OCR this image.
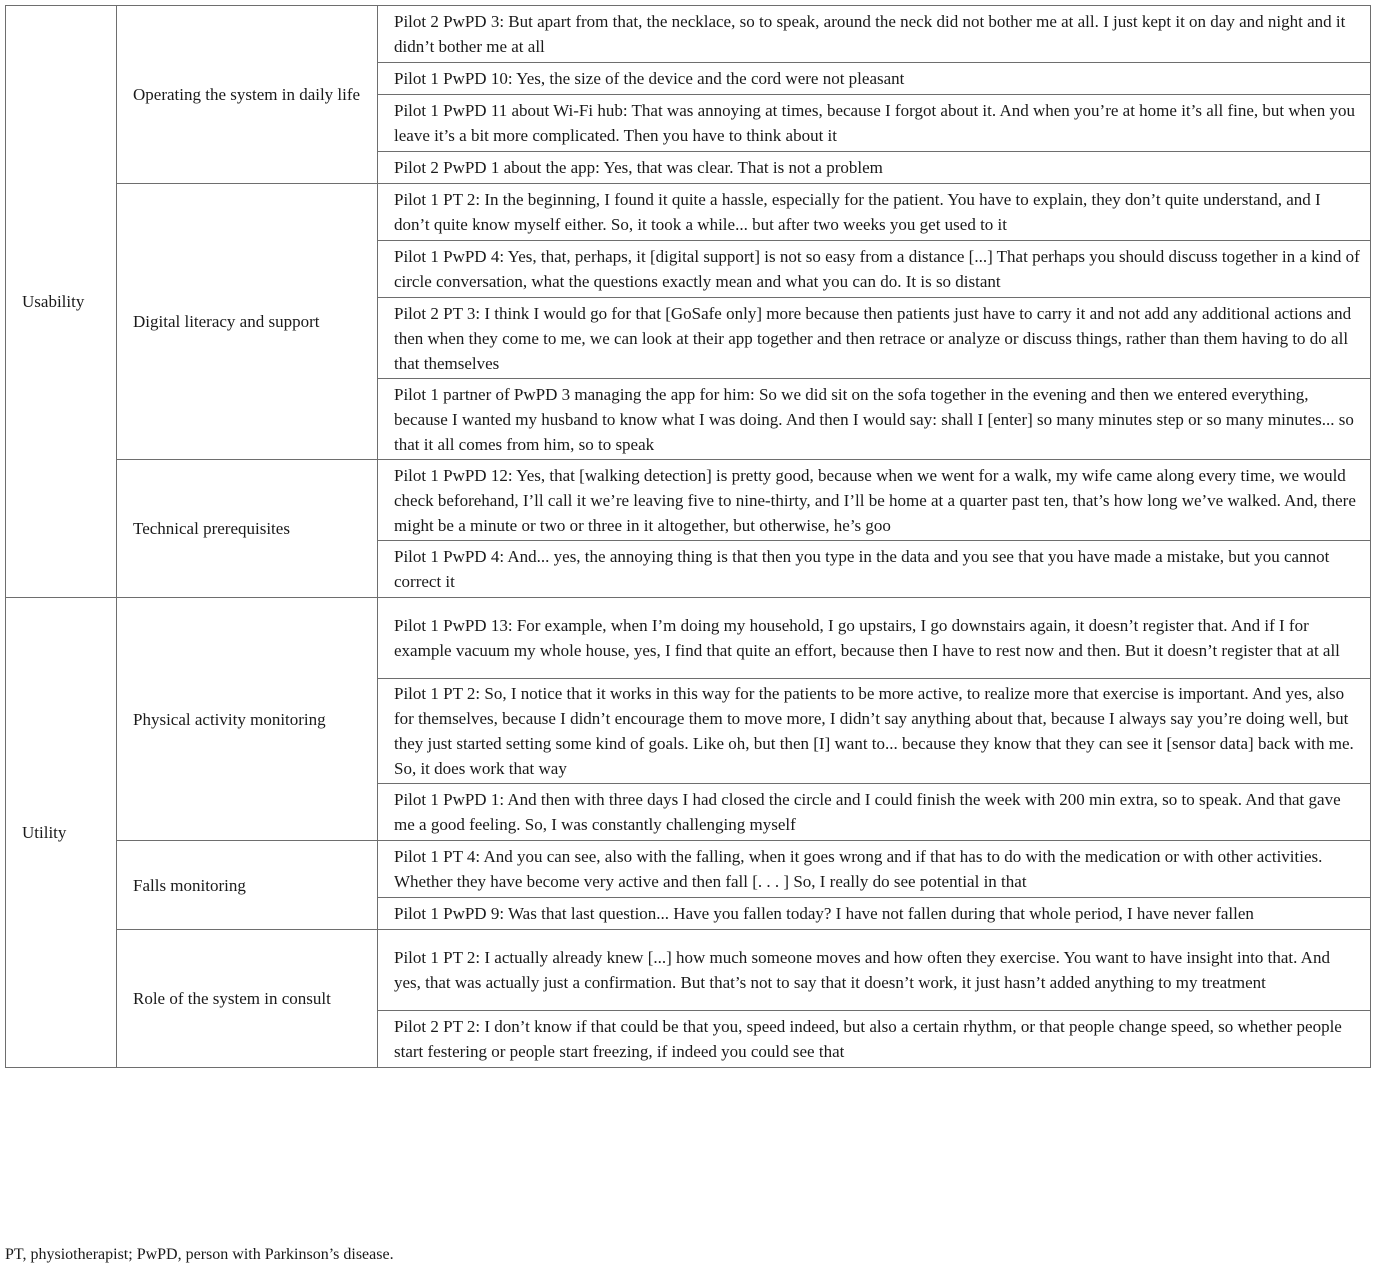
Usability	Operating the system in daily life	Pilot 2 PwPD 3: But apart from that, the necklace, so to speak, around the neck did not bother me at all. I just kept it on day and night and it didn’t bother me at all
		Pilot 1 PwPD 10: Yes, the size of the device and the cord were not pleasant
		Pilot 1 PwPD 11 about Wi-Fi hub: That was annoying at times, because I forgot about it. And when you’re at home it’s all fine, but when you leave it’s a bit more complicated. Then you have to think about it
		Pilot 2 PwPD 1 about the app: Yes, that was clear. That is not a problem
	Digital literacy and support	Pilot 1 PT 2: In the beginning, I found it quite a hassle, especially for the patient. You have to explain, they don’t quite understand, and I don’t quite know myself either. So, it took a while... but after two weeks you get used to it
		Pilot 1 PwPD 4: Yes, that, perhaps, it [digital support] is not so easy from a distance [...] That perhaps you should discuss together in a kind of circle conversation, what the questions exactly mean and what you can do. It is so distant
		Pilot 2 PT 3: I think I would go for that [GoSafe only] more because then patients just have to carry it and not add any additional actions and then when they come to me, we can look at their app together and then retrace or analyze or discuss things, rather than them having to do all that themselves
		Pilot 1 partner of PwPD 3 managing the app for him: So we did sit on the sofa together in the evening and then we entered everything, because I wanted my husband to know what I was doing. And then I would say: shall I [enter] so many minutes step or so many minutes... so that it all comes from him, so to speak
	Technical prerequisites	Pilot 1 PwPD 12: Yes, that [walking detection] is pretty good, because when we went for a walk, my wife came along every time, we would check beforehand, I’ll call it we’re leaving five to nine-thirty, and I’ll be home at a quarter past ten, that’s how long we’ve walked. And, there might be a minute or two or three in it altogether, but otherwise, he’s goo
		Pilot 1 PwPD 4: And... yes, the annoying thing is that then you type in the data and you see that you have made a mistake, but you cannot correct it
Utility	Physical activity monitoring	Pilot 1 PwPD 13: For example, when I’m doing my household, I go upstairs, I go downstairs again, it doesn’t register that. And if I for example vacuum my whole house, yes, I find that quite an effort, because then I have to rest now and then. But it doesn’t register that at all
		Pilot 1 PT 2: So, I notice that it works in this way for the patients to be more active, to realize more that exercise is important. And yes, also for themselves, because I didn’t encourage them to move more, I didn’t say anything about that, because I always say you’re doing well, but they just started setting some kind of goals. Like oh, but then [I] want to... because they know that they can see it [sensor data] back with me. So, it does work that way
		Pilot 1 PwPD 1: And then with three days I had closed the circle and I could finish the week with 200 min extra, so to speak. And that gave me a good feeling. So, I was constantly challenging myself
	Falls monitoring	Pilot 1 PT 4: And you can see, also with the falling, when it goes wrong and if that has to do with the medication or with other activities. Whether they have become very active and then fall [. . . ] So, I really do see potential in that
		Pilot 1 PwPD 9: Was that last question... Have you fallen today? I have not fallen during that whole period, I have never fallen
	Role of the system in consult	Pilot 1 PT 2: I actually already knew [...] how much someone moves and how often they exercise. You want to have insight into that. And yes, that was actually just a confirmation. But that’s not to say that it doesn’t work, it just hasn’t added anything to my treatment
		Pilot 2 PT 2: I don’t know if that could be that you, speed indeed, but also a certain rhythm, or that people change speed, so whether people start festering or people start freezing, if indeed you could see that
PT, physiotherapist; PwPD, person with Parkinson’s disease.
